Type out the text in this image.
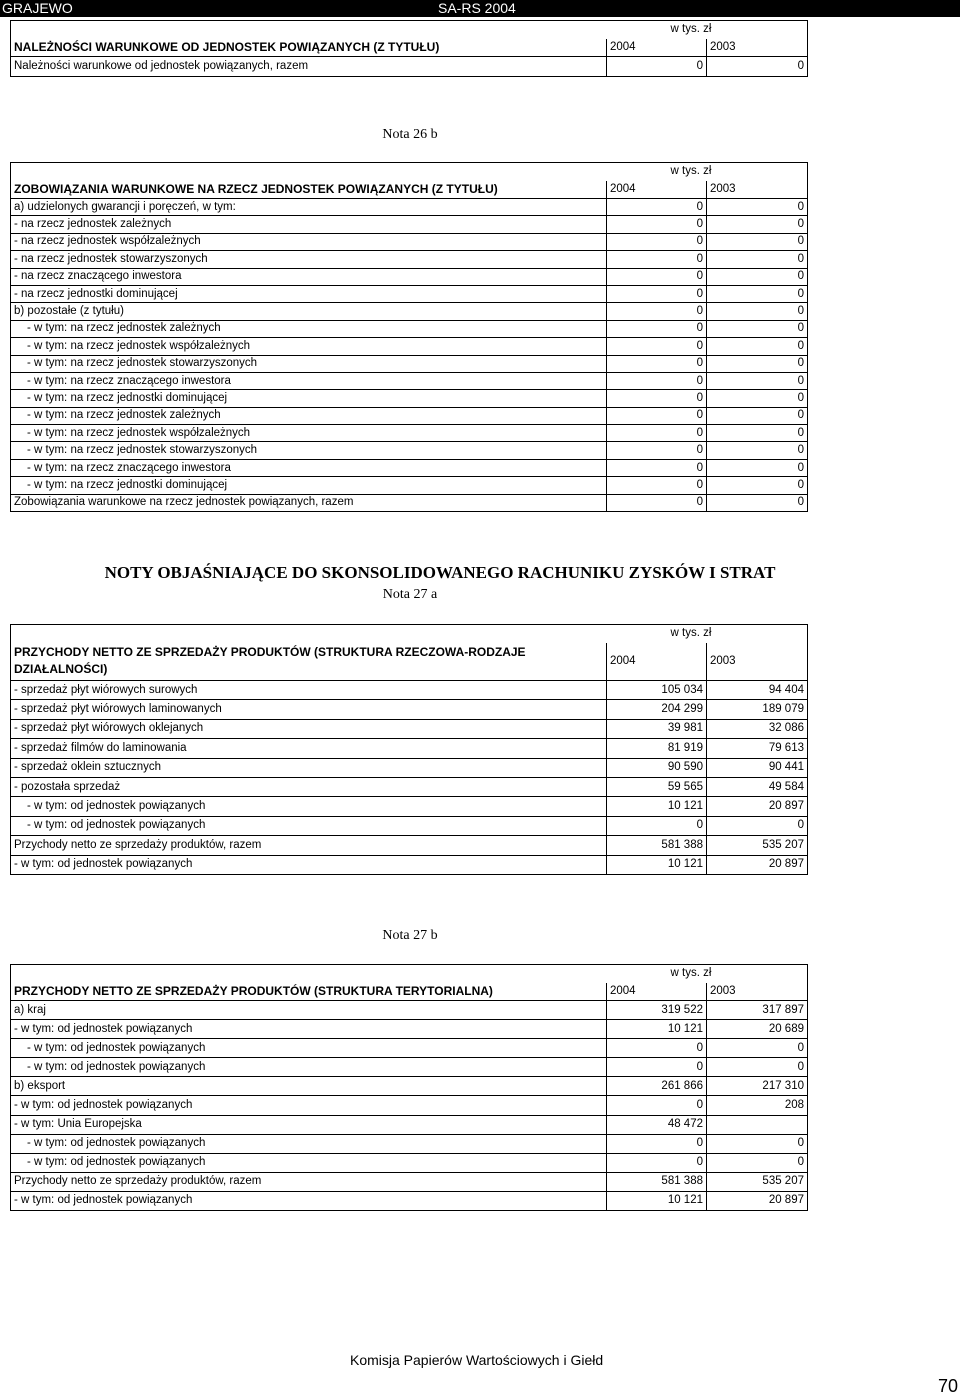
GRAJEWO	SA-RS 2004
		w tys. zł
NALEŻNOŚCI WARUNKOWE OD JEDNOSTEK POWIĄZANYCH (Z TYTUŁU)	2004	2003
Należności warunkowe od jednostek powiązanych, razem	0	0
Nota 26 b
		w tys. zł
ZOBOWIĄZANIA WARUNKOWE NA RZECZ JEDNOSTEK POWIĄZANYCH (Z TYTUŁU)	2004	2003
a) udzielonych gwarancji i poręczeń, w tym:	0	0
- na rzecz jednostek zależnych	0	0
- na rzecz jednostek współzależnych	0	0
- na rzecz jednostek stowarzyszonych	0	0
- na rzecz znaczącego inwestora	0	0
- na rzecz jednostki dominującej	0	0
b) pozostałe (z tytułu)	0	0
- w tym: na rzecz jednostek zależnych	0	0
- w tym: na rzecz jednostek współzależnych	0	0
- w tym: na rzecz jednostek stowarzyszonych	0	0
- w tym: na rzecz znaczącego inwestora	0	0
- w tym: na rzecz jednostki dominującej	0	0
- w tym: na rzecz jednostek zależnych	0	0
- w tym: na rzecz jednostek współzależnych	0	0
- w tym: na rzecz jednostek stowarzyszonych	0	0
- w tym: na rzecz znaczącego inwestora	0	0
- w tym: na rzecz jednostki dominującej	0	0
Zobowiązania warunkowe na rzecz jednostek powiązanych, razem	0	0
NOTY OBJAŚNIAJĄCE DO SKONSOLIDOWANEGO RACHUNIKU ZYSKÓW I STRAT
Nota 27 a
		w tys. zł
PRZYCHODY NETTO ZE SPRZEDAŻY PRODUKTÓW (STRUKTURA RZECZOWA-RODZAJE
DZIAŁALNOŚCI)	2004	2003
- sprzedaż płyt wiórowych surowych	105 034	94 404
- sprzedaż płyt wiórowych laminowanych	204 299	189 079
- sprzedaż płyt wiórowych oklejanych	39 981	32 086
- sprzedaż filmów do laminowania	81 919	79 613
- sprzedaż oklein sztucznych	90 590	90 441
- pozostała sprzedaż	59 565	49 584
- w tym: od jednostek powiązanych	10 121	20 897
- w tym: od jednostek powiązanych	0	0
Przychody netto ze sprzedaży produktów, razem	581 388	535 207
- w tym: od jednostek powiązanych	10 121	20 897
Nota 27 b
		w tys. zł
PRZYCHODY NETTO ZE SPRZEDAŻY PRODUKTÓW (STRUKTURA TERYTORIALNA)	2004	2003
a) kraj	319 522	317 897
- w tym: od jednostek powiązanych	10 121	20 689
- w tym: od jednostek powiązanych	0	0
- w tym: od jednostek powiązanych	0	0
b) eksport	261 866	217 310
- w tym: od jednostek powiązanych	0	208
- w tym: Unia Europejska	48 472	
- w tym: od jednostek powiązanych	0	0
- w tym: od jednostek powiązanych	0	0
Przychody netto ze sprzedaży produktów, razem	581 388	535 207
- w tym: od jednostek powiązanych	10 121	20 897
Komisja Papierów Wartościowych i Giełd
70
